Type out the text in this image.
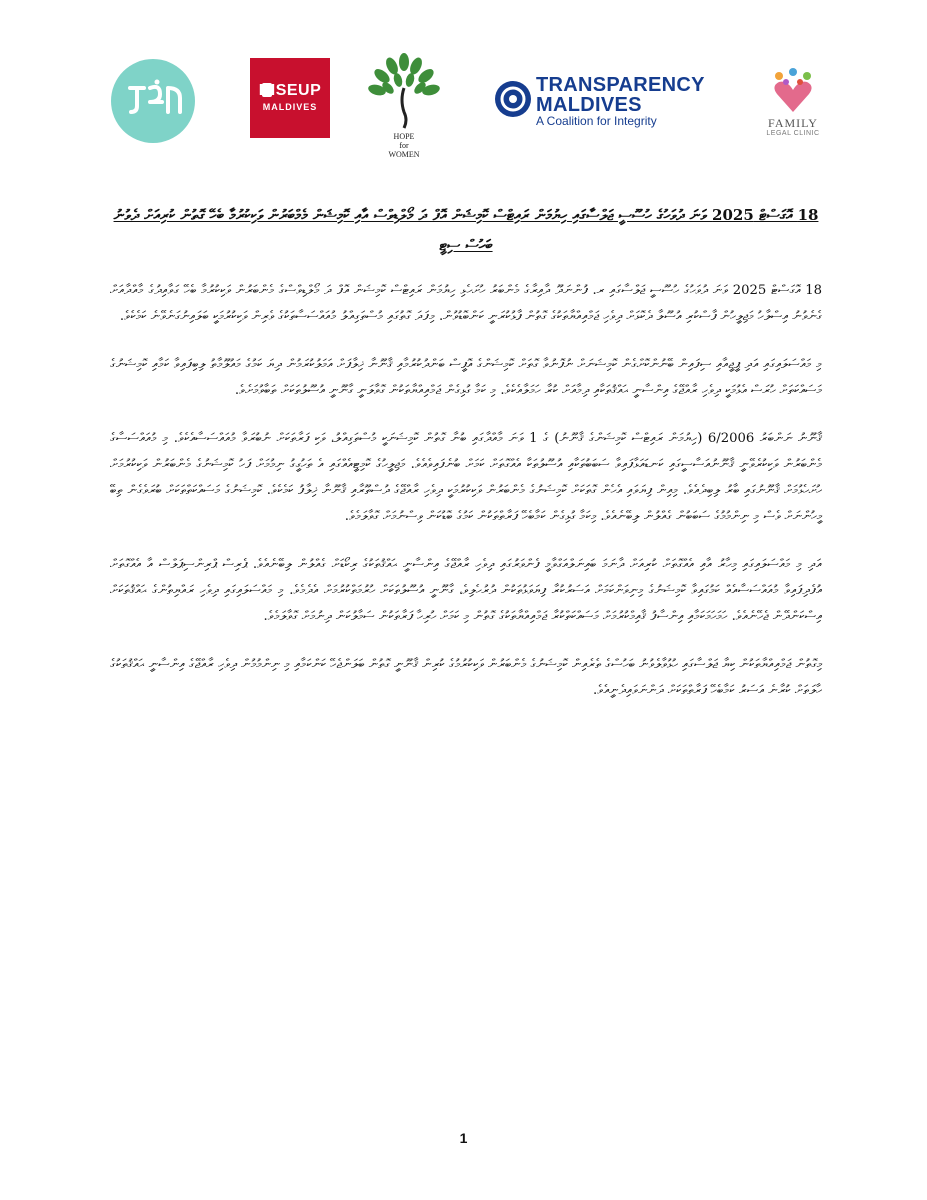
RISEUP
MALDIVES
HOPE
for
WOMEN
TRANSPARENCY
MALDIVES
A Coalition for Integrity	FAMILY
LEGAL CLINIC
18 އޮގަސްޓް 2025 ވަނަ ދުވަހުގެ ހުސޫސީ ޖަލްސާގައި ހިޔުމަން ރައިޓްސް ކޮމިޝަން އޮފް ދަ މޯލްޑިވްސް އާއި ކޮމިޝަން މެމްބަރުން ވަކިކުރުމާ ބެހޭ ގޮތުން ކުރިއަށް ދެވުނު ބަހުސް ސިޓީ

18 އޮގަސްޓް 2025 ވަނަ ދުވަހުގެ ހުސޫސީ ޖަލްސާގައި ރ. ފުންނަދޫ ދާއިރާގެ މެންބަރު ހުށަހެޅި ހިޔުމަން ރައިޓްސް ކޮމިޝަން އޮފް ދަ މޯލްޑިވްސްގެ މެންބަރުން ވަކިކުރުމާ ބެހޭ ގަވާއިދުގެ މާއްދާއަށް ގެނެވުނު އިސްލާހު މަޖިލީހުން ފާސްކުރި އުސޫލާ ދެކޮޅަށް ދިވެހި ޖަމްއިއްޔާތަކުގެ ގޮތުން ފާޅުކުރަނީ ކަންބޮޑުވުން. މިފަދަ ގޮތުގައި މުސްތަގިއްލު މުއައްސަސާތަކުގެ ވެރިން ވަކިކުރުމަކީ ބަލައިނުގަނެވޭނެ ކަމެކެވެ.

މި މައްސަލައިގައި އަދި ޕީޖީއާއި ސިފައިން ބޭނުންކޮށްގެން ކޮމިޝަނަށް ނުފޮނުވާ ގޮތަށް ކޮމިޝަންގެ އޮފީސް ބަންދުކުރުމާއި ޤާނޫނާ ޚިލާފަށް އަމަލުކުރަމުން ދިޔަ ކަމުގެ މައުލޫމާތު ލިބިފައިވާ ކަމާއި ކޮމިޝަނުގެ މަސައްކަތަށް ހުރަސް އެޅުމަކީ ދިވެހި ރާއްޖޭގެ އިންސާނީ ޙައްޤުތަކާއި ދިމާއަށް ކުރާ ހަމަލާއެކެވެ. މި ކަމާ ގުޅިގެން ޖަމްއިއްޔާތަކުން ގޮވާލަނީ ގާނޫނީ އުސޫލުތަކަށް ތަބާވުމަށެވެ.

ޤާނޫނު ނަންބަރު 6/2006 (ހިޔުމަން ރައިޓްސް ކޮމިޝަންގެ ޤާނޫނު) ގެ 1 ވަނަ މާއްދާގައި ބުނާ ގޮތުން ކޮމިޝަނަކީ މުސްތަގިއްލު، ވަކި ފަރާތަކަށް ނުބުރަވާ މުއައްސަސާއެކެވެ. މި މުއައްސަސާގެ މެންބަރުން ވަކިކުރެވޭނީ ޤާނޫނުއަސާސީގައި ކަނޑައަޅާފައިވާ ސަބަބުތަކާއި އުސޫލުތަކާ އެއްގޮތަށް ކަމަށް ބުނެފައިވެއެވެ. މަޖިލީހުގެ ކޮމިޓީއެއްގައި އެ ތަހުގީގު ނިމުމަށް ފަހު ކޮމިޝަނުގެ މެންބަރުން ވަކިކުރުމަށް ހުށަހެޅުމަށް ޤާނޫނުގައި ބާރު ލިބިދެއެވެ. މިއިން ފިޔަވައި އެހެން ގޮތަކަށް ކޮމިޝަނުގެ މެންބަރުން ވަކިކުރުމަކީ ދިވެހި ރާއްޖޭގެ ދުސްތޫރާއި ޤާނޫނާ ޚިލާފު ކަމެކެވެ. ކޮމިޝަނުގެ މަސައްކަތްތަކަށް ބުރަވެގެން ތިބޭ މީހުންނަށް ވެސް މި ނިންމުމުގެ ސަބަބުން ގެއްލުން ލިބޭނެއެވެ. މިކަމާ ގުޅިގެން ކަމާބެހޭ ފަރާތްތަކުން ކަމުގެ ބޮޑުކަން ވިސްނުމަށް ގޮވާލަމެވެ.

އަދި މި މައްސަލައިގައި މިހާރު އާއި އެއްގޮތަށް ކުރިއަށް ދާނަމަ ބައިނަލްއަގްވާމީ ފެންވަރުގައި ދިވެހި ރާއްޖޭގެ އިންސާނީ ޙައްޤުތަކުގެ ރިކޯޑަށް ގެއްލުން ލިބޭނެއެވެ. ޕެރިސް ޕްރިންސިޕަލްސް އާ އެއްގޮތަށް އުފެދިފައިވާ މުއައްސަސާއެއް ކަމުގައިވާ ކޮމިޝަނުގެ މިނިވަންކަމަށް އަސަރުކުރާ ފިޔަވަޅުތަކުން ދުރުހެލިވެ، ގާނޫނީ އުސޫލުތަކަށް ހުރުމަތްކުރުމަށް އެދެމެވެ. މި މައްސަލައިގައި ދިވެހި ރައްޔިތުންގެ ޙައްޤުތަކަށް އިސްކަންދޭން ޖެހޭނެއެވެ. ހަމަހަމަކަމާއި އިންސާފު ޤާއިމްކުރުމަށް މަސައްކަތްކުރާ ޖަމްއިއްޔާތަކުގެ ގޮތުން މި ކަމަށް ހުރިހާ ފަރާތަކުން ސަމާލުކަން ދިނުމަށް ގޮވާލަމެވެ.

މިގޮތުން ޖަމްއިއްޔާތަކުން ކިޔާ ޖަލްސާގައި ހުޅުވާލެވުނު ބަހުސްގެ ތެރެއިން ކޮމިޝަނުގެ މެންބަރުން ވަކިކުރުމުގެ ކުރިން ޤާނޫނީ ގޮތުން ބަލަންޖެހޭ ކަންކަމާއި މި ނިންމުމުން ދިވެހި ރާއްޖޭގެ އިންސާނީ ޙައްޤުތަކުގެ ހާލަތަށް ކުރާނެ އަސަރު ކަމާބެހޭ ފަރާތްތަކަށް ދަންނަވައިދެނީއެވެ.

1
